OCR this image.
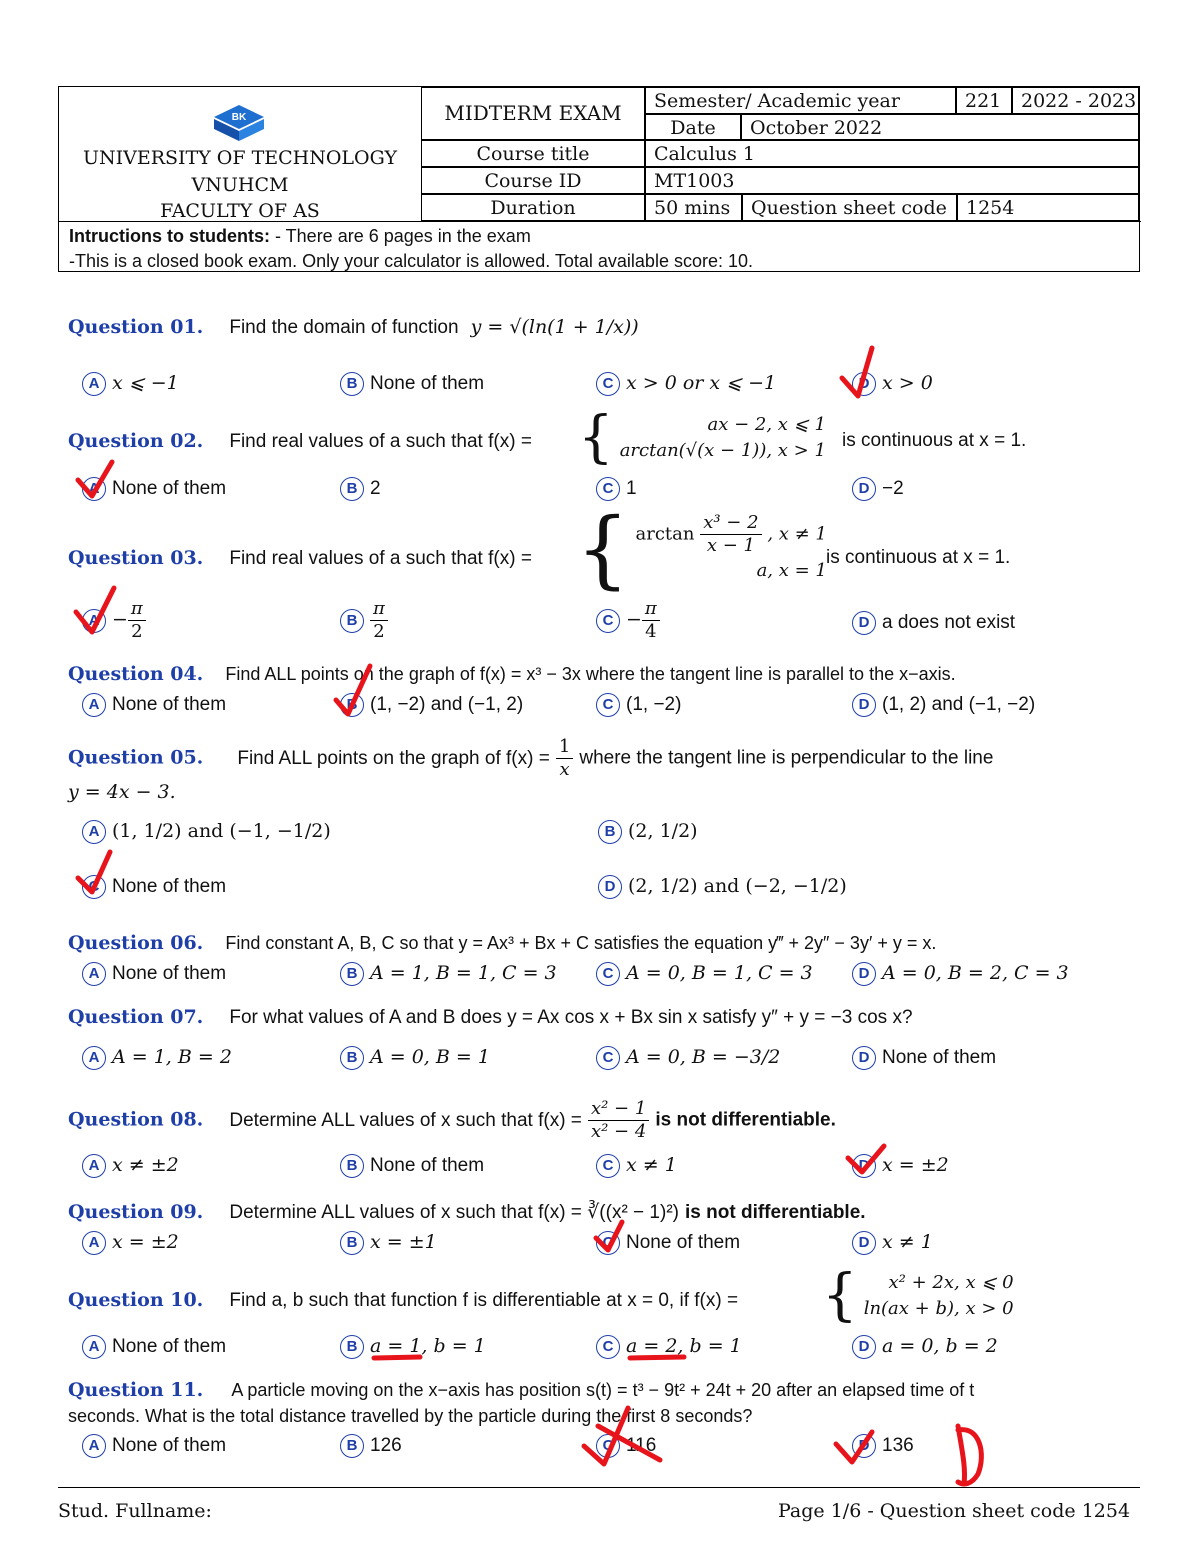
BK
UNIVERSITY OF TECHNOLOGY
VNUHCM
FACULTY OF AS
MIDTERM EXAM	Semester/ Academic year	221	2022 - 2023
Date	October 2022
Course title	Calculus 1
Course ID	MT1003
Duration	50 mins	Question sheet code	1254
Intructions to students: - There are 6 pages in the exam
-This is a closed book exam. Only your calculator is allowed. Total available score: 10.
Question 01. Find the domain of function y = √(ln(1 + 1/x))
A x ⩽ −1	B None of them	C x > 0 or x ⩽ −1	D x > 0
Question 02. Find real values of a such that f(x) = {	ax − 2, x ⩽ 1
arctan(√(x − 1)), x > 1 is continuous at x = 1.
A None of them	B 2	C 1	D −2
Question 03. Find real values of a such that f(x) = { $\arctan \frac{\text{x³ − 2}}{x - 1}$ , x ≠ 1
a, x = 1
is continuous at x = 1.
$A - \frac{\pi}{2}$	B $\frac{\pi}{2}$	$C - \frac{\pi}{4}$	D a does not exist
Question 04. Find ALL points on the graph of f(x) = x³ − 3x where the tangent line is parallel to the x−axis.
A None of them	B (1, −2) and (−1, 2)	C (1, −2)	D (1, 2) and (−1, −2)
Question 05. Find ALL points on the graph of $f(x) = \frac{1}{x}$ where the tangent line is perpendicular to the line
y = 4x − 3.
A (1, 1/2) and (−1, −1/2)	B (2, 1/2)
C None of them	D (2, 1/2) and (−2, −1/2)
Question 06. Find constant A, B, C so that y = Ax³ + Bx + C satisfies the equation y‴ + 2y″ − 3y′ + y = x.
A None of them	B A = 1, B = 1, C = 3	C A = 0, B = 1, C = 3	D A = 0, B = 2, C = 3
Question 07. For what values of A and B does y = Ax cos x + Bx sin x satisfy y″ + y = −3 cos x?
A A = 1, B = 2	B A = 0, B = 1	C A = 0, B = −3/2	D None of them
Question 08. Determine ALL values of x such that $f(x) = \frac{\text{x² − 1}}{\text{x² − 4}}$ is not differentiable.
A x ≠ ±2	B None of them	C x ≠ 1	D x = ±2
Question 09. Determine ALL values of x such that f(x) = ∛((x² − 1)²) is not differentiable.
A x = ±2	B x = ±1	C None of them	D x ≠ 1
Question 10. Find a, b such that function f is differentiable at x = 0, if f(x) = {	x² + 2x, x ⩽ 0
ln(ax + b), x > 0
A None of them	B a = 1, b = 1	C a = 2, b = 1	D a = 0, b = 2
Question 11. A particle moving on the x−axis has position s(t) = t³ − 9t² + 24t + 20 after an elapsed time of t
seconds. What is the total distance travelled by the particle during the first 8 seconds?
A None of them	B 126	C 116	D 136
Stud. Fullname:	Page 1/6 - Question sheet code 1254
